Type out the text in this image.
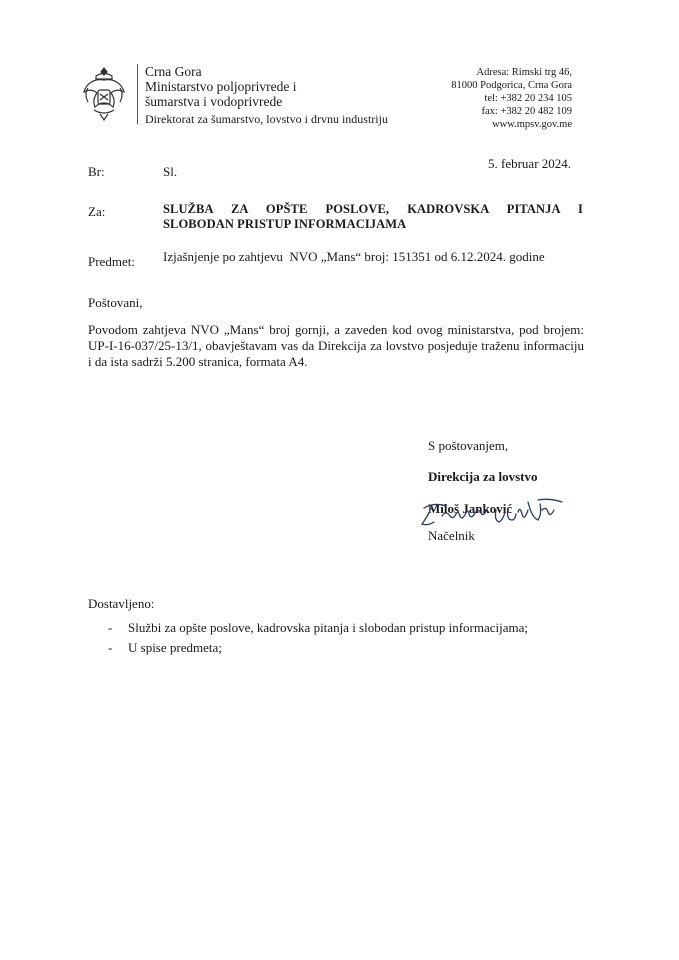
Crna Gora
Ministarstvo poljoprivrede i
šumarstva i vodoprivrede
Direktorat za šumarstvo, lovstvo i drvnu industriju
Adresa: Rimski trg 46,
81000 Podgorica, Crna Gora
tel: +382 20 234 105
fax: +382 20 482 109
www.mpsv.gov.me
Br:	Sl.
5. februar 2024.
Za:	SLUŽBA ZA OPŠTE POSLOVE, KADROVSKA PITANJA I
SLOBODAN PRISTUP INFORMACIJAMA
Predmet: Izjašnjenje po zahtjevu  NVO „Mans“ broj: 151351 od 6.12.2024. godine
Poštovani,
Povodom zahtjeva NVO „Mans“ broj gornji, a zaveden kod ovog ministarstva, pod brojem:
UP-I-16-037/25-13/1, obavještavam vas da Direkcija za lovstvo posjeduje traženu informaciju
i da ista sadrži 5.200 stranica, formata A4.
S poštovanjem,
Direkcija za lovstvo
Miloš Janković
Načelnik
Dostavljeno:
- Službi za opšte poslove, kadrovska pitanja i slobodan pristup informacijama;
- U spise predmeta;
